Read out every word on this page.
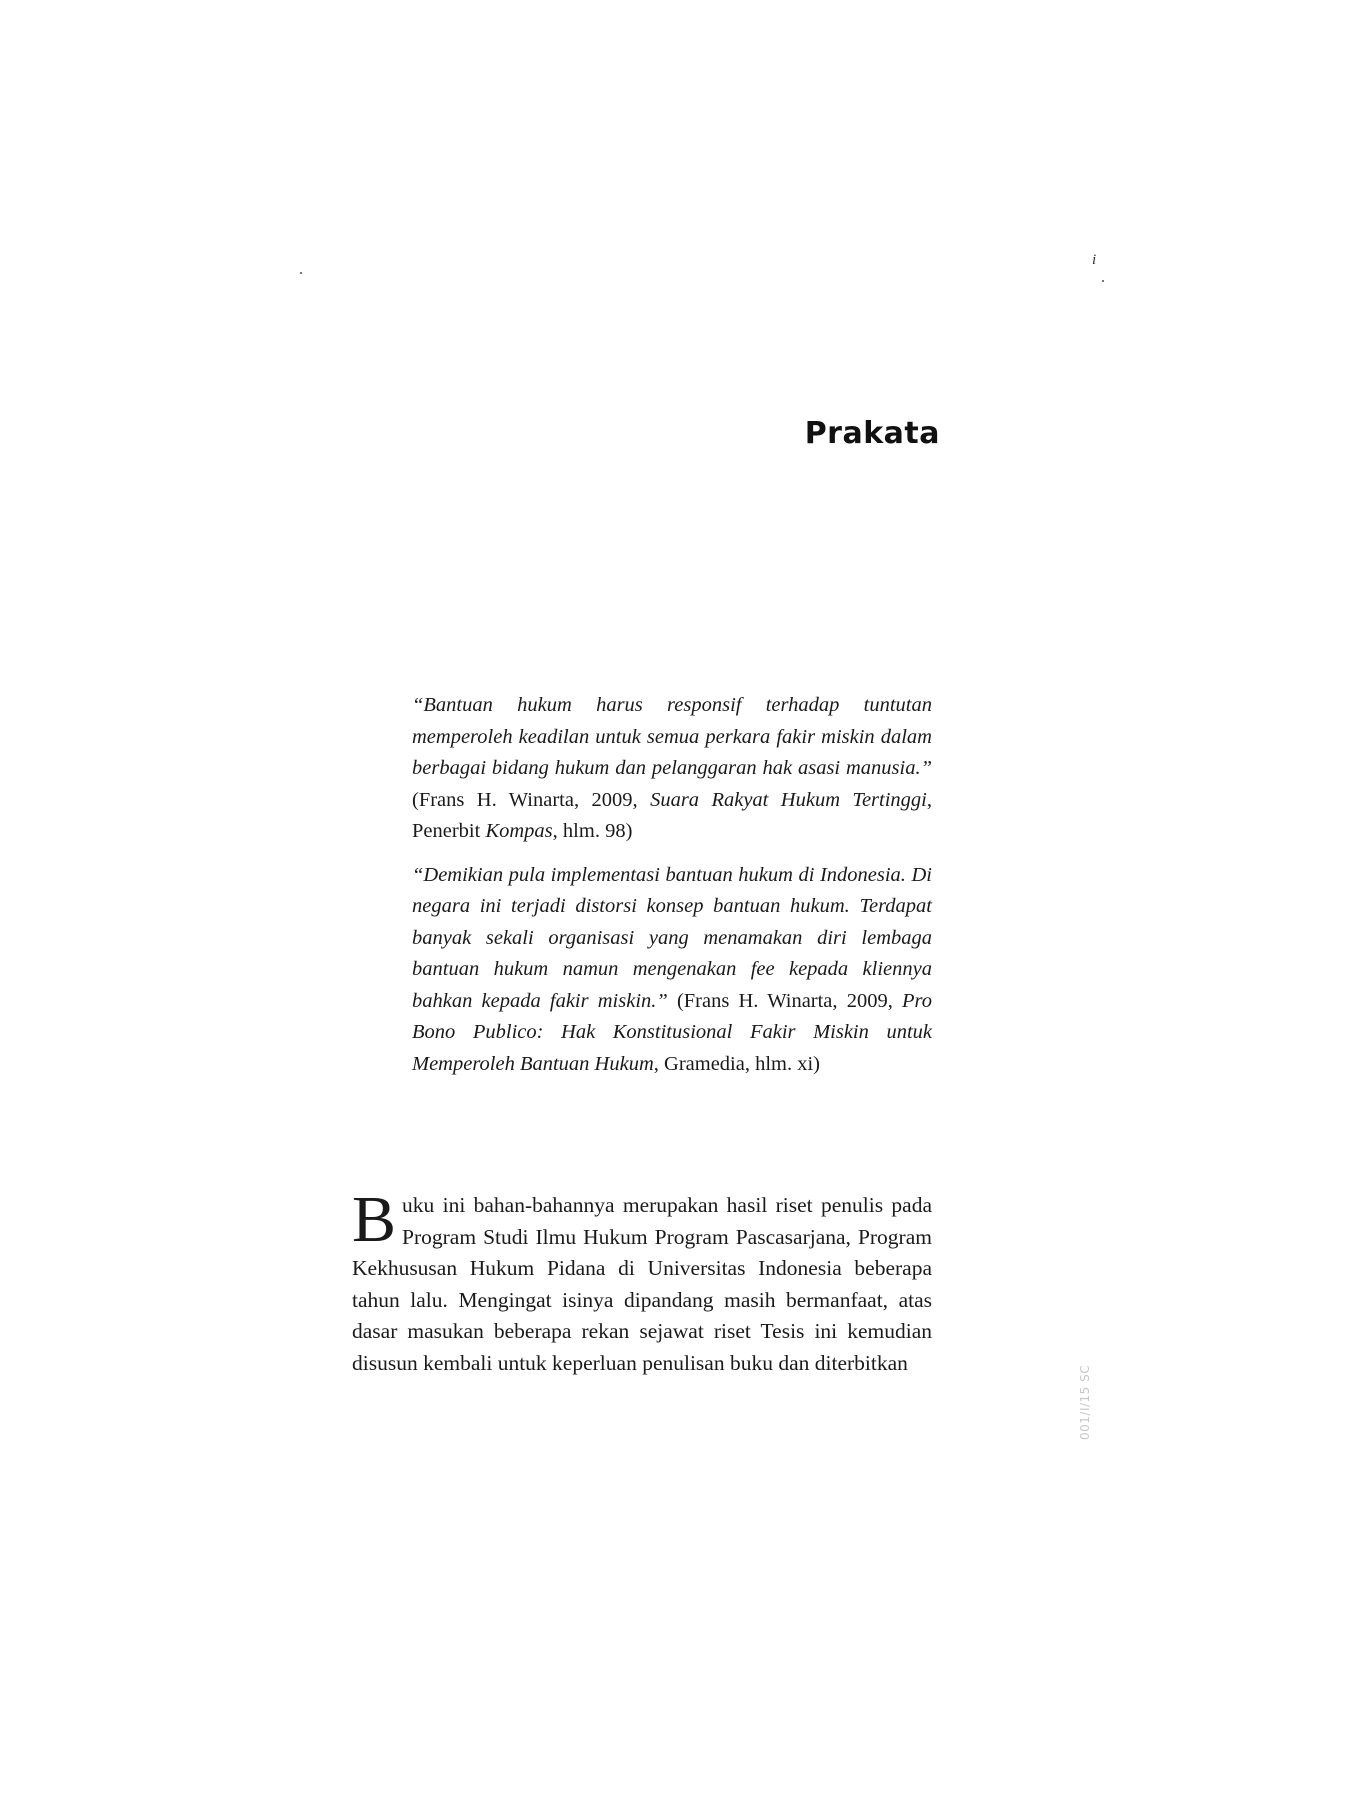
i
Prakata

“Bantuan hukum harus responsif terhadap tuntutan memperoleh keadilan untuk semua perkara fakir miskin dalam berbagai bidang hukum dan pelanggaran hak asasi manusia.” (Frans H. Winarta, 2009, Suara Rakyat Hukum Tertinggi, Penerbit Kompas, hlm. 98)

“Demikian pula implementasi bantuan hukum di Indonesia. Di negara ini terjadi distorsi konsep bantuan hukum. Terdapat banyak sekali organisasi yang menamakan diri lembaga bantuan hukum namun mengenakan fee kepada kliennya bahkan kepada fakir miskin.” (Frans H. Winarta, 2009, Pro Bono Publico: Hak Konstitusional Fakir Miskin untuk Memperoleh Bantuan Hukum, Gramedia, hlm. xi)

Buku ini bahan-bahannya merupakan hasil riset penulis pada Program Studi Ilmu Hukum Program Pascasarjana, Program Kekhususan Hukum Pidana di Universitas Indonesia beberapa tahun lalu. Mengingat isinya dipandang masih bermanfaat, atas dasar masukan beberapa rekan sejawat riset Tesis ini kemudian disusun kembali untuk keperluan penulisan buku dan diterbitkan

001/I/15 SC
